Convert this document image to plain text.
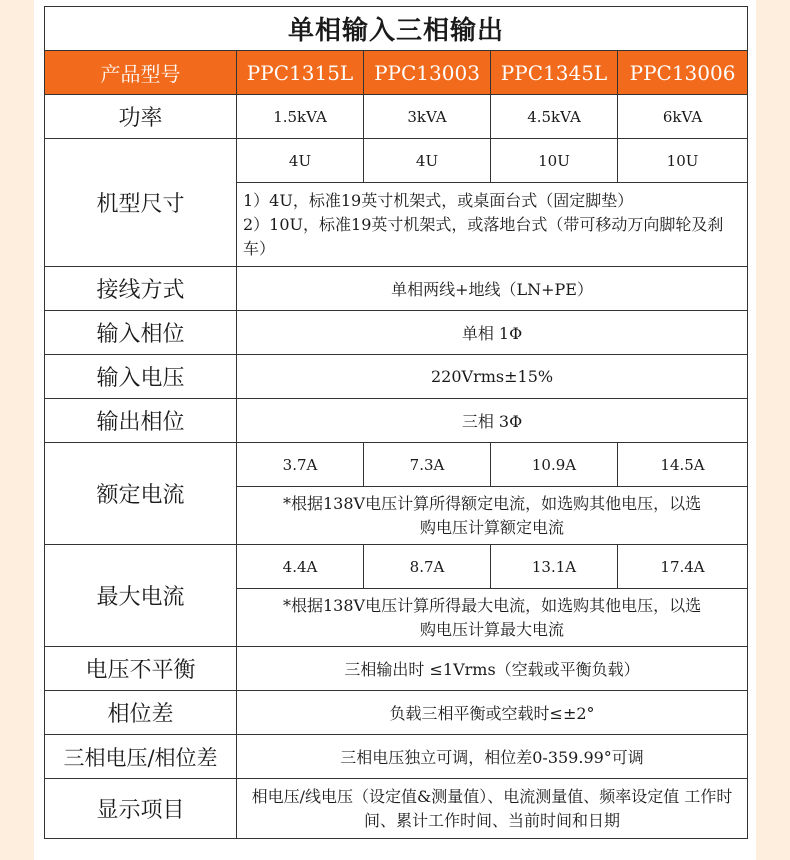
单相输入三相输出				
产品型号	PPC1315L	PPC13003	PPC1345L	PPC13006
功率	1.5kVA	3kVA	4.5kVA	6kVA
机型尺寸	4U	4U	10U	10U

	1）4U，标准19英寸机架式，或桌面台式（固定脚垫）
2）10U，标准19英寸机架式，或落地台式（带可移动万向脚轮及刹车）			

接线方式	单相两线+地线（LN+PE）			
输入相位	单相 1Φ			
输入电压	220Vrms±15%			
输出相位	三相 3Φ			
额定电流	3.7A	7.3A	10.9A	14.5A
	*根据138V电压计算所得额定电流，如选购其他电压，以选购电压计算额定电流			
最大电流	4.4A	8.7A	13.1A	17.4A
	*根据138V电压计算所得最大电流，如选购其他电压，以选购电压计算最大电流			
电压不平衡	三相输出时 ≤1Vrms（空载或平衡负载）			
相位差	负载三相平衡或空载时≤±2°			
三相电压/相位差	三相电压独立可调，相位差0-359.99°可调			
显示项目	相电压/线电压（设定值&测量值）、电流测量值、频率设定值 工作时间、累计工作时间、当前时间和日期			
